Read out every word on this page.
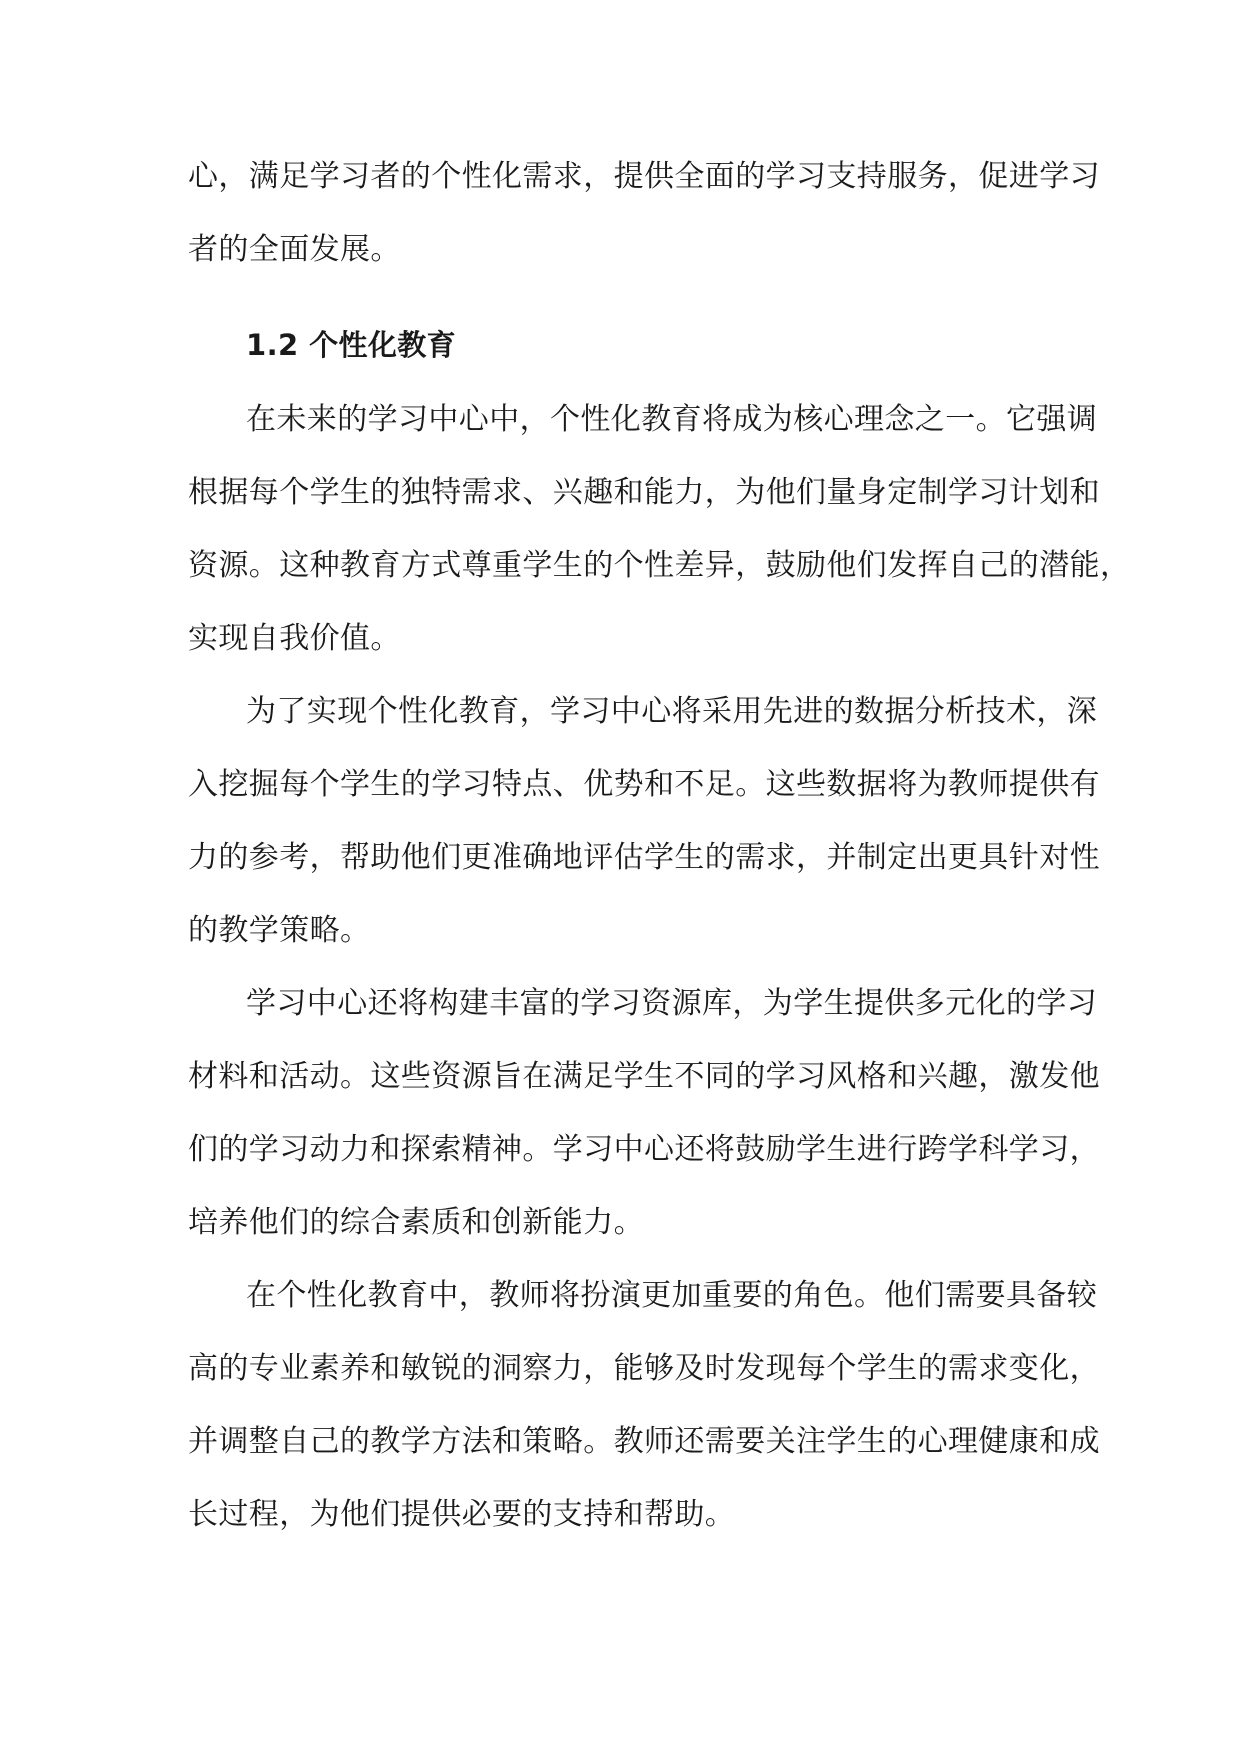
心，满足学习者的个性化需求，提供全面的学习支持服务，促进学习
者的全面发展。
1.2 个性化教育
在未来的学习中心中，个性化教育将成为核心理念之一。它强调
根据每个学生的独特需求、兴趣和能力，为他们量身定制学习计划和
资源。这种教育方式尊重学生的个性差异，鼓励他们发挥自己的潜能，
实现自我价值。
为了实现个性化教育，学习中心将采用先进的数据分析技术，深
入挖掘每个学生的学习特点、优势和不足。这些数据将为教师提供有
力的参考，帮助他们更准确地评估学生的需求，并制定出更具针对性
的教学策略。
学习中心还将构建丰富的学习资源库，为学生提供多元化的学习
材料和活动。这些资源旨在满足学生不同的学习风格和兴趣，激发他
们的学习动力和探索精神。学习中心还将鼓励学生进行跨学科学习，
培养他们的综合素质和创新能力。
在个性化教育中，教师将扮演更加重要的角色。他们需要具备较
高的专业素养和敏锐的洞察力，能够及时发现每个学生的需求变化，
并调整自己的教学方法和策略。教师还需要关注学生的心理健康和成
长过程，为他们提供必要的支持和帮助。
